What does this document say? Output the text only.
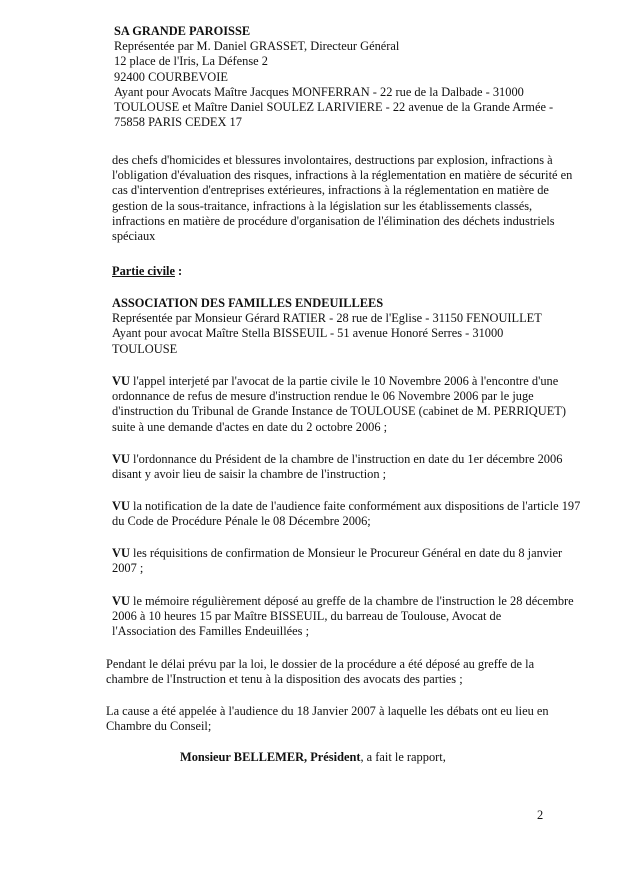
SA GRANDE PAROISSE
Représentée par M. Daniel GRASSET, Directeur Général
12 place de l'Iris, La Défense 2
92400 COURBEVOIE
Ayant pour Avocats Maître Jacques MONFERRAN - 22 rue de la Dalbade - 31000
TOULOUSE et Maître Daniel SOULEZ LARIVIERE - 22 avenue de la Grande Armée -
75858 PARIS CEDEX 17
des chefs d'homicides et blessures involontaires, destructions par explosion, infractions à
l'obligation d'évaluation des risques, infractions à la réglementation en matière de sécurité en
cas d'intervention d'entreprises extérieures, infractions à la réglementation en matière de
gestion de la sous-traitance, infractions à la législation sur les établissements classés,
infractions en matière de procédure d'organisation de l'élimination des déchets industriels
spéciaux
Partie civile :
ASSOCIATION DES FAMILLES ENDEUILLEES
Représentée par Monsieur Gérard RATIER - 28 rue de l'Eglise - 31150 FENOUILLET
Ayant pour avocat Maître Stella BISSEUIL - 51 avenue Honoré Serres - 31000
TOULOUSE
VU l'appel interjeté par l'avocat de la partie civile le 10 Novembre 2006 à l'encontre d'une
ordonnance de refus de mesure d'instruction rendue le 06 Novembre 2006 par le juge
d'instruction du Tribunal de Grande Instance de TOULOUSE (cabinet de M. PERRIQUET)
suite à une demande d'actes en date du 2 octobre 2006 ;
VU l'ordonnance du Président de la chambre de l'instruction en date du 1er décembre 2006
disant y avoir lieu de saisir la chambre de l'instruction ;
VU la notification de la date de l'audience faite conformément aux dispositions de l'article 197
du Code de Procédure Pénale le 08 Décembre 2006;
VU les réquisitions de confirmation de Monsieur le Procureur Général en date du 8 janvier
2007 ;
VU le mémoire régulièrement déposé au greffe de la chambre de l'instruction le 28 décembre
2006 à 10 heures 15 par Maître BISSEUIL, du barreau de Toulouse, Avocat de
l'Association des Familles Endeuillées ;
Pendant le délai prévu par la loi, le dossier de la procédure a été déposé au greffe de la
chambre de l'Instruction et tenu à la disposition des avocats des parties ;
La cause a été appelée à l'audience du 18 Janvier 2007 à laquelle les débats ont eu lieu en
Chambre du Conseil;
Monsieur BELLEMER, Président, a fait le rapport,
2
